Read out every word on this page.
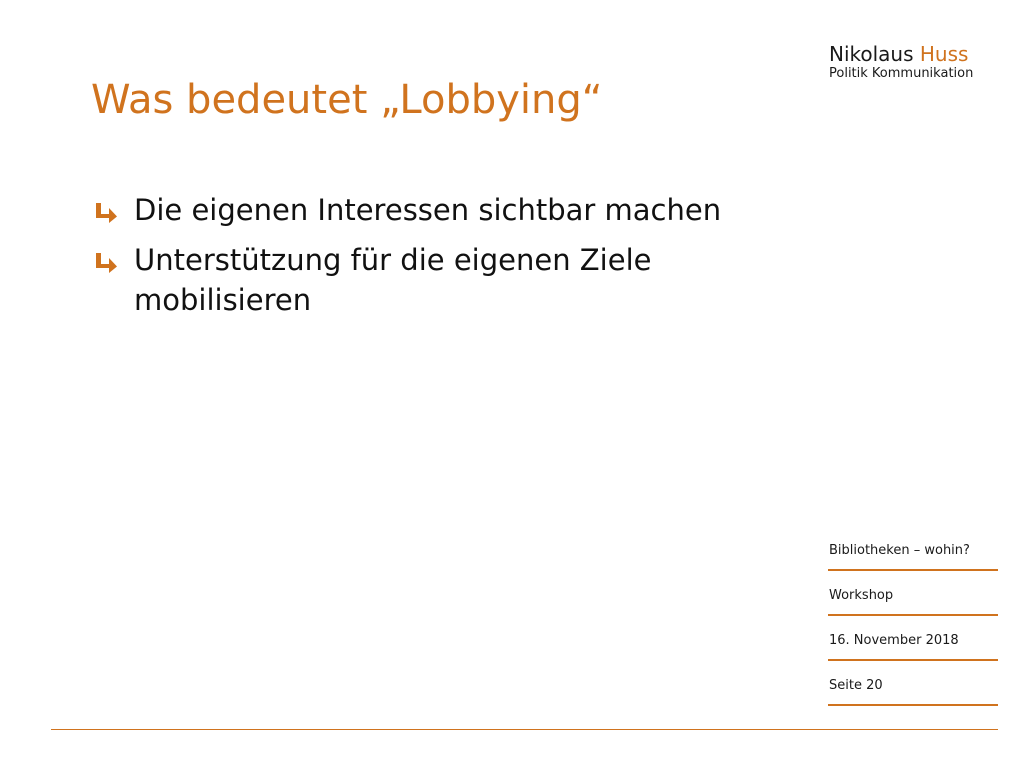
Nikolaus Huss
Politik Kommunikation
Was bedeutet „Lobbying“
Die eigenen Interessen sichtbar machen
Unterstützung für die eigenen Ziele mobilisieren
Bibliotheken – wohin?
Workshop
16. November 2018
Seite 20
